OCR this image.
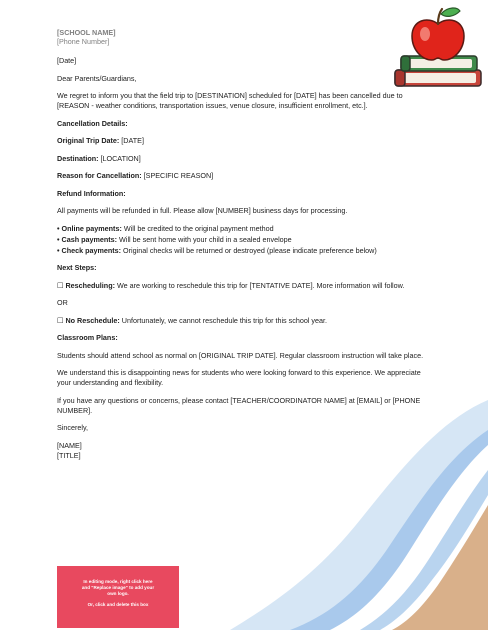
[SCHOOL NAME]
[Phone Number]
[Date]
Dear Parents/Guardians,
We regret to inform you that the field trip to [DESTINATION] scheduled for [DATE] has been cancelled due to [REASON - weather conditions, transportation issues, venue closure, insufficient enrollment, etc.].
Cancellation Details:
Original Trip Date: [DATE]
Destination: [LOCATION]
Reason for Cancellation: [SPECIFIC REASON]
Refund Information:
All payments will be refunded in full. Please allow [NUMBER] business days for processing.
• Online payments: Will be credited to the original payment method
• Cash payments: Will be sent home with your child in a sealed envelope
• Check payments: Original checks will be returned or destroyed (please indicate preference below)
Next Steps:
☐ Rescheduling: We are working to reschedule this trip for [TENTATIVE DATE]. More information will follow.
OR
☐ No Reschedule: Unfortunately, we cannot reschedule this trip for this school year.
Classroom Plans:
Students should attend school as normal on [ORIGINAL TRIP DATE]. Regular classroom instruction will take place.
We understand this is disappointing news for students who were looking forward to this experience. We appreciate your understanding and flexibility.
If you have any questions or concerns, please contact [TEACHER/COORDINATOR NAME] at [EMAIL] or [PHONE NUMBER].
Sincerely,
[NAME]
[TITLE]
In editing mode, right click here
and "Replace image" to add your
own logo.
Or, click and delete this box
